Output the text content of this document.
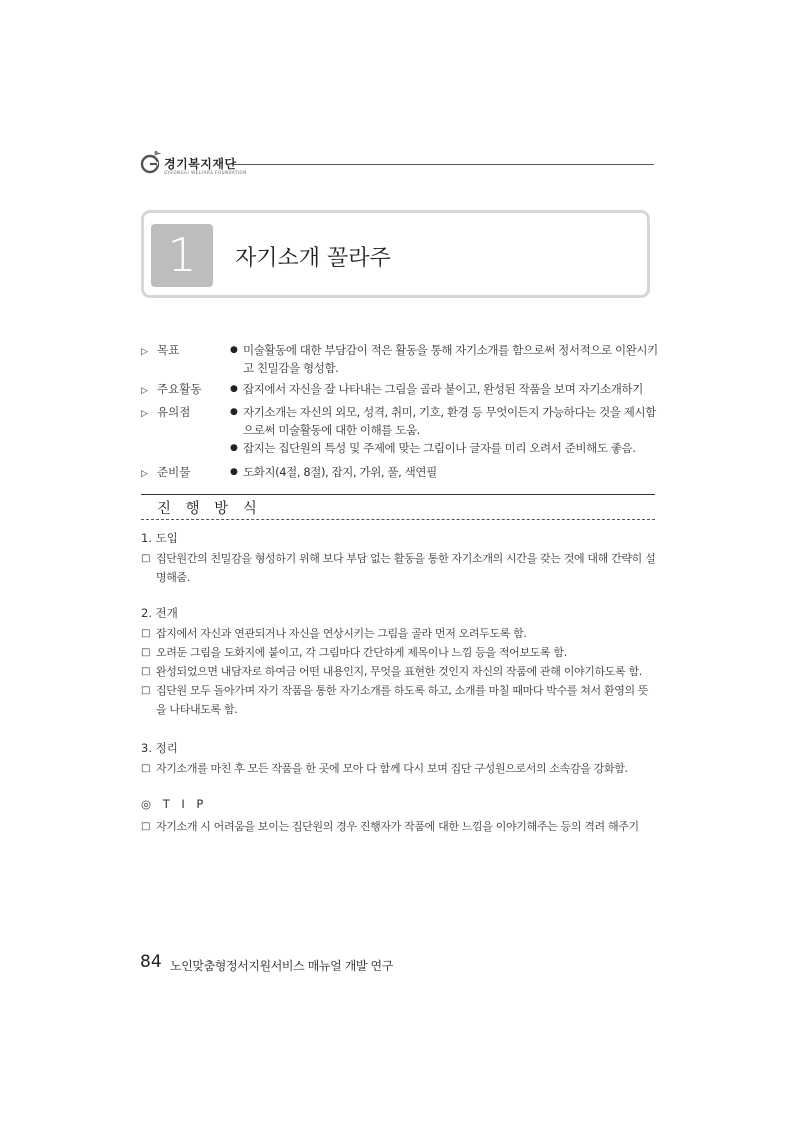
경기복지재단
GYEONGGI WELFARE FOUNDATION
1	자기소개 꼴라주
▷ 목표	● 미술활동에 대한 부담감이 적은 활동을 통해 자기소개를 함으로써 정서적으로 이완시키고 친밀감을 형성함.
▷ 주요활동	● 잡지에서 자신을 잘 나타내는 그림을 골라 붙이고, 완성된 작품을 보며 자기소개하기
▷ 유의점	● 자기소개는 자신의 외모, 성격, 취미, 기호, 환경 등 무엇이든지 가능하다는 것을 제시함으로써 미술활동에 대한 이해를 도움.
● 잡지는 집단원의 특성 및 주제에 맞는 그림이나 글자를 미리 오려서 준비해도 좋음.
▷ 준비물	● 도화지(4절, 8절), 잡지, 가위, 풀, 색연필
진 행 방 식
1. 도입
□ 집단원간의 친밀감을 형성하기 위해 보다 부담 없는 활동을 통한 자기소개의 시간을 갖는 것에 대해 간략히 설명해줌.
2. 전개
□ 잡지에서 자신과 연관되거나 자신을 연상시키는 그림을 골라 먼저 오려두도록 함.
□ 오려둔 그림을 도화지에 붙이고, 각 그림마다 간단하게 제목이나 느낌 등을 적어보도록 함.
□ 완성되었으면 내담자로 하여금 어떤 내용인지, 무엇을 표현한 것인지 자신의 작품에 관해 이야기하도록 함.
□ 집단원 모두 돌아가며 자기 작품을 통한 자기소개를 하도록 하고, 소개를 마칠 때마다 박수를 쳐서 환영의 뜻을 나타내도록 함.
3. 정리
□ 자기소개를 마친 후 모든 작품을 한 곳에 모아 다 함께 다시 보며 집단 구성원으로서의 소속감을 강화함.
◎ T I P
□ 자기소개 시 어려움을 보이는 집단원의 경우 진행자가 작품에 대한 느낌을 이야기해주는 등의 격려 해주기
84 노인맞춤형정서지원서비스 매뉴얼 개발 연구
